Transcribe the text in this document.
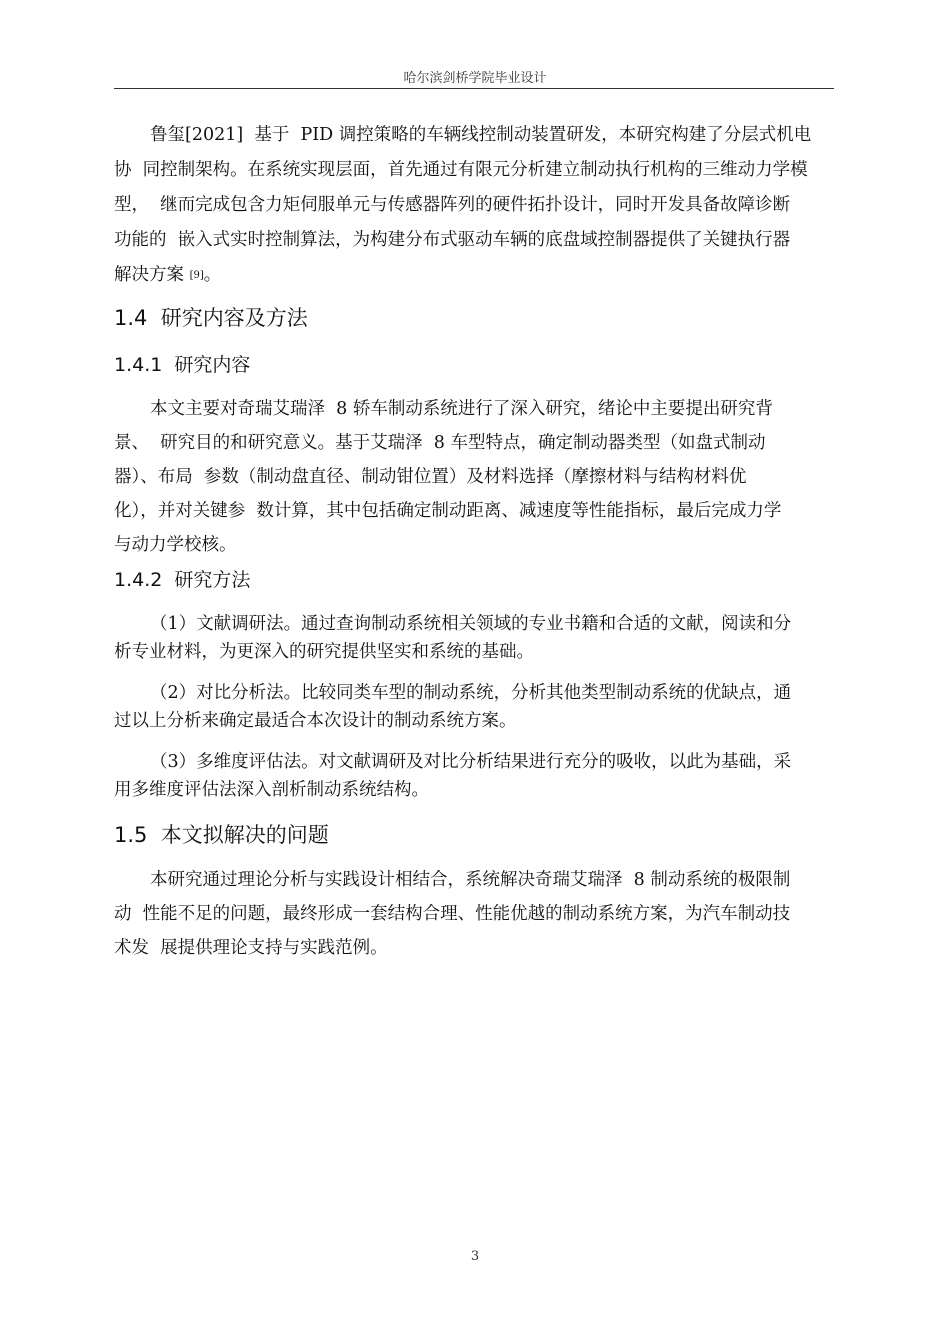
哈尔滨剑桥学院毕业设计
鲁玺[2021]  基于  PID 调控策略的车辆线控制动装置研发，本研究构建了分层式机电
协  同控制架构。在系统实现层面，首先通过有限元分析建立制动执行机构的三维动力学模
型，  继而完成包含力矩伺服单元与传感器阵列的硬件拓扑设计，同时开发具备故障诊断
功能的  嵌入式实时控制算法，为构建分布式驱动车辆的底盘域控制器提供了关键执行器
解决方案 [9]。
1.4  研究内容及方法
1.4.1  研究内容
本文主要对奇瑞艾瑞泽  8 轿车制动系统进行了深入研究，绪论中主要提出研究背
景、  研究目的和研究意义。基于艾瑞泽  8 车型特点，确定制动器类型（如盘式制动
器）、布局  参数（制动盘直径、制动钳位置）及材料选择（摩擦材料与结构材料优
化），并对关键参  数计算，其中包括确定制动距离、减速度等性能指标，最后完成力学
与动力学校核。
1.4.2  研究方法
（1）文献调研法。通过查询制动系统相关领域的专业书籍和合适的文献，阅读和分
析专业材料，为更深入的研究提供坚实和系统的基础。
（2）对比分析法。比较同类车型的制动系统，分析其他类型制动系统的优缺点，通
过以上分析来确定最适合本次设计的制动系统方案。
（3）多维度评估法。对文献调研及对比分析结果进行充分的吸收，以此为基础，采
用多维度评估法深入剖析制动系统结构。
1.5  本文拟解决的问题
本研究通过理论分析与实践设计相结合，系统解决奇瑞艾瑞泽  8 制动系统的极限制
动  性能不足的问题，最终形成一套结构合理、性能优越的制动系统方案，为汽车制动技
术发  展提供理论支持与实践范例。
3
